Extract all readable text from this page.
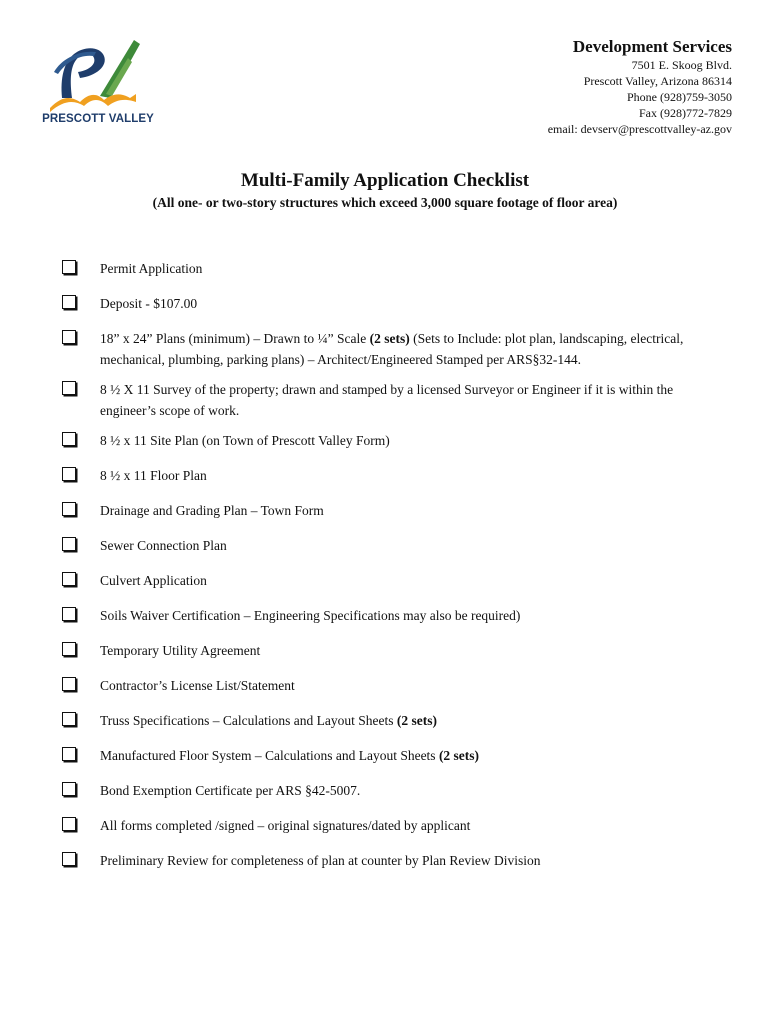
PRESCOTT VALLEY
Development Services
7501 E. Skoog Blvd.
Prescott Valley, Arizona 86314
Phone (928)759-3050
Fax (928)772-7829
email: devserv@prescottvalley-az.gov
Multi-Family Application Checklist
(All one- or two-story structures which exceed 3,000 square footage of floor area)
Permit Application
Deposit - $107.00
18” x 24” Plans (minimum) – Drawn to ¼” Scale (2 sets) (Sets to Include: plot plan, landscaping, electrical, mechanical, plumbing, parking plans) – Architect/Engineered Stamped per ARS§32-144.
8 ½ X 11 Survey of the property; drawn and stamped by a licensed Surveyor or Engineer if it is within the engineer’s scope of work.
8 ½ x 11 Site Plan (on Town of Prescott Valley Form)
8 ½ x 11 Floor Plan
Drainage and Grading Plan – Town Form
Sewer Connection Plan
Culvert Application
Soils Waiver Certification – Engineering Specifications may also be required)
Temporary Utility Agreement
Contractor’s License List/Statement
Truss Specifications – Calculations and Layout Sheets (2 sets)
Manufactured Floor System – Calculations and Layout Sheets (2 sets)
Bond Exemption Certificate per ARS §42-5007.
All forms completed /signed – original signatures/dated by applicant
Preliminary Review for completeness of plan at counter by Plan Review Division
